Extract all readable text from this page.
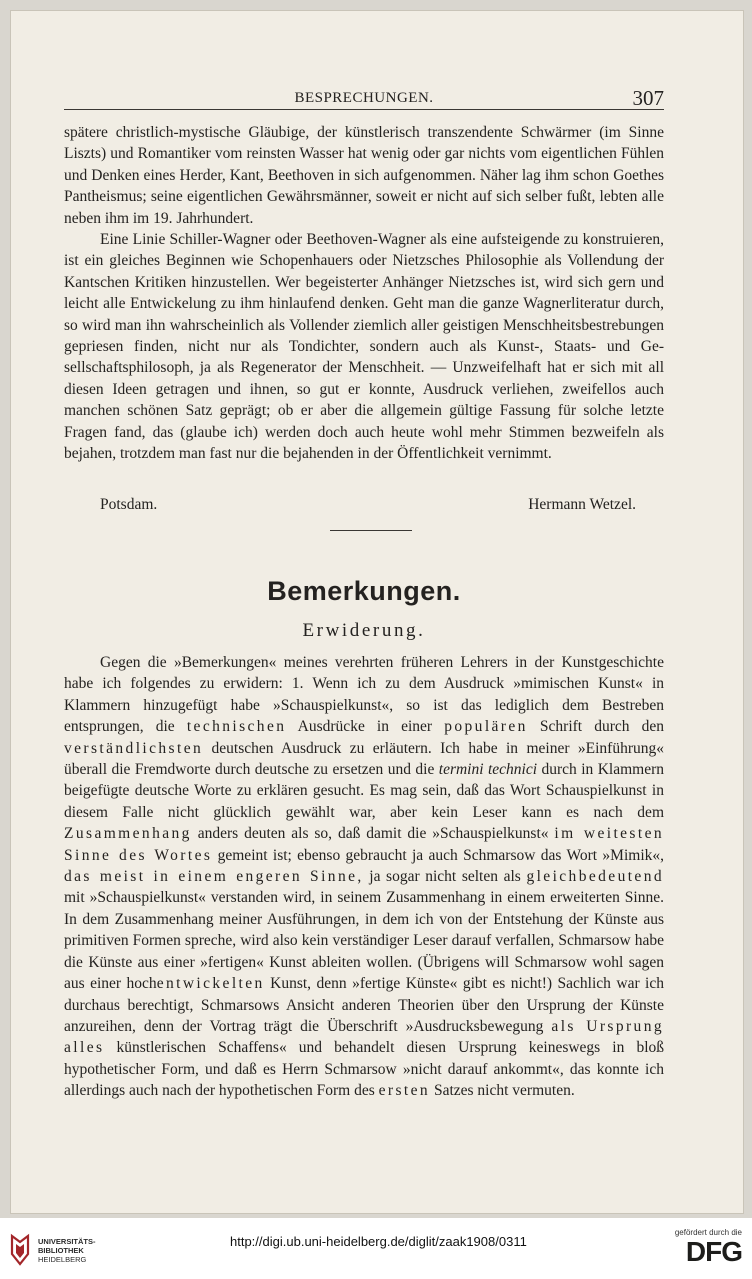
BESPRECHUNGEN.	307

spätere christlich-mystische Gläubige, der künstlerisch transzendente Schwärmer (im Sinne Liszts) und Romantiker vom reinsten Wasser hat wenig oder gar nichts vom eigentlichen Fühlen und Denken eines Herder, Kant, Beethoven in sich aufgenommen. Näher lag ihm schon Goethes Pantheismus; seine eigentlichen Gewährsmänner, soweit er nicht auf sich selber fußt, lebten alle neben ihm im 19. Jahrhundert.

Eine Linie Schiller-Wagner oder Beethoven-Wagner als eine aufsteigende zu konstruieren, ist ein gleiches Beginnen wie Schopenhauers oder Nietzsches Philosophie als Vollendung der Kantschen Kritiken hinzustellen. Wer begeisterter Anhänger Nietzsches ist, wird sich gern und leicht alle Entwickelung zu ihm hinlaufend denken. Geht man die ganze Wagnerliteratur durch, so wird man ihn wahrscheinlich als Vollender ziemlich aller geistigen Menschheitsbestrebungen gepriesen finden, nicht nur als Tondichter, sondern auch als Kunst-, Staats- und Gesellschaftsphilosoph, ja als Regenerator der Menschheit. — Unzweifelhaft hat er sich mit all diesen Ideen getragen und ihnen, so gut er konnte, Ausdruck verliehen, zweifellos auch manchen schönen Satz geprägt; ob er aber die allgemein gültige Fassung für solche letzte Fragen fand, das (glaube ich) werden doch auch heute wohl mehr Stimmen bezweifeln als bejahen, trotzdem man fast nur die bejahenden in der Öffentlichkeit vernimmt.

Potsdam.	Hermann Wetzel.
Bemerkungen.
Erwiderung.

Gegen die »Bemerkungen« meines verehrten früheren Lehrers in der Kunstgeschichte habe ich folgendes zu erwidern: 1. Wenn ich zu dem Ausdruck »mimischen Kunst« in Klammern hinzugefügt habe »Schauspielkunst«, so ist das lediglich dem Bestreben entsprungen, die technischen Ausdrücke in einer populären Schrift durch den verständlichsten deutschen Ausdruck zu erläutern. Ich habe in meiner »Einführung« überall die Fremdworte durch deutsche zu ersetzen und die termini technici durch in Klammern beigefügte deutsche Worte zu erklären gesucht. Es mag sein, daß das Wort Schauspielkunst in diesem Falle nicht glücklich gewählt war, aber kein Leser kann es nach dem Zusammenhang anders deuten als so, daß damit die »Schauspielkunst« im weitesten Sinne des Wortes gemeint ist; ebenso gebraucht ja auch Schmarsow das Wort »Mimik«, das meist in einem engeren Sinne, ja sogar nicht selten als gleichbedeutend mit »Schauspielkunst« verstanden wird, in seinem Zusammenhang in einem erweiterten Sinne. In dem Zusammenhang meiner Ausführungen, in dem ich von der Entstehung der Künste aus primitiven Formen spreche, wird also kein verständiger Leser darauf verfallen, Schmarsow habe die Künste aus einer »fertigen« Kunst ableiten wollen. (Übrigens will Schmarsow wohl sagen aus einer hochentwickelten Kunst, denn »fertige Künste« gibt es nicht!) Sachlich war ich durchaus berechtigt, Schmarsows Ansicht anderen Theorien über den Ursprung der Künste anzureihen, denn der Vortrag trägt die Überschrift »Ausdrucksbewegung als Ursprung alles künstlerischen Schaffens« und behandelt diesen Ursprung keineswegs in bloß hypothetischer Form, und daß es Herrn Schmarsow »nicht darauf ankommt«, das konnte ich allerdings auch nach der hypothetischen Form des ersten Satzes nicht vermuten.

UNIVERSITÄTS-
BIBLIOTHEK
HEIDELBERG
http://digi.ub.uni-heidelberg.de/diglit/zaak1908/0311
gefördert durch die
DFG
